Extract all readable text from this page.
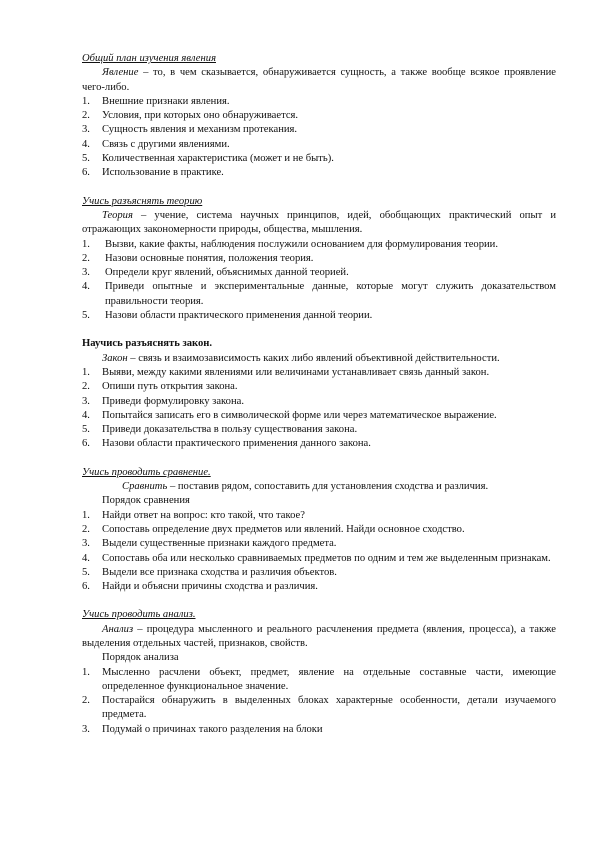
Общий план изучения явления

Явление – то, в чем сказывается, обнаруживается сущность, а также вообще всякое проявление чего-либо.

1. Внешние признаки явления.
2. Условия, при которых оно обнаруживается.
3. Сущность явления и механизм протекания.
4. Связь с другими явлениями.
5. Количественная характеристика (может и не быть).
6. Использование в практике.

Учись разъяснять теорию

Теория – учение, система научных принципов, идей, обобщающих практический опыт и отражающих закономерности природы, общества, мышления.

1. Вызви, какие факты, наблюдения послужили основанием для формулирования теории.
2. Назови основные понятия, положения теория.
3. Определи круг явлений, объяснимых данной теорией.
4. Приведи опытные и экспериментальные данные, которые могут служить доказательством правильности теория.
5. Назови области практического применения данной теории.

Научись разъяснять закон.

Закон – связь и взаимозависимость каких либо явлений объективной действительности.

1. Выяви, между какими явлениями или величинами устанавливает связь данный закон.
2. Опиши путь открытия закона.
3. Приведи формулировку закона.
4. Попытайся записать его в символической форме или через математическое выражение.
5. Приведи доказательства в пользу существования закона.
6. Назови области практического применения данного закона.

Учись проводить сравнение.

Сравнить – поставив рядом, сопоставить для установления сходства и различия.

Порядок сравнения

1. Найди ответ на вопрос: кто такой, что такое?
2. Сопоставь определение двух предметов или явлений. Найди основное сходство.
3. Выдели существенные признаки каждого предмета.
4. Сопоставь оба или несколько сравниваемых предметов по одним и тем же выделенным признакам.
5. Выдели все признака сходства и различия объектов.
6. Найди и объясни причины сходства и различия.

Учись проводить анализ.

Анализ – процедура мысленного и реального расчленения предмета (явления, процесса), а также выделения отдельных частей, признаков, свойств.

Порядок анализа

1. Мысленно расчлени объект, предмет, явление на отдельные составные части, имеющие определенное функциональное значение.
2. Постарайся обнаружить в выделенных блоках характерные особенности, детали изучаемого предмета.
3. Подумай о причинах такого разделения на блоки
